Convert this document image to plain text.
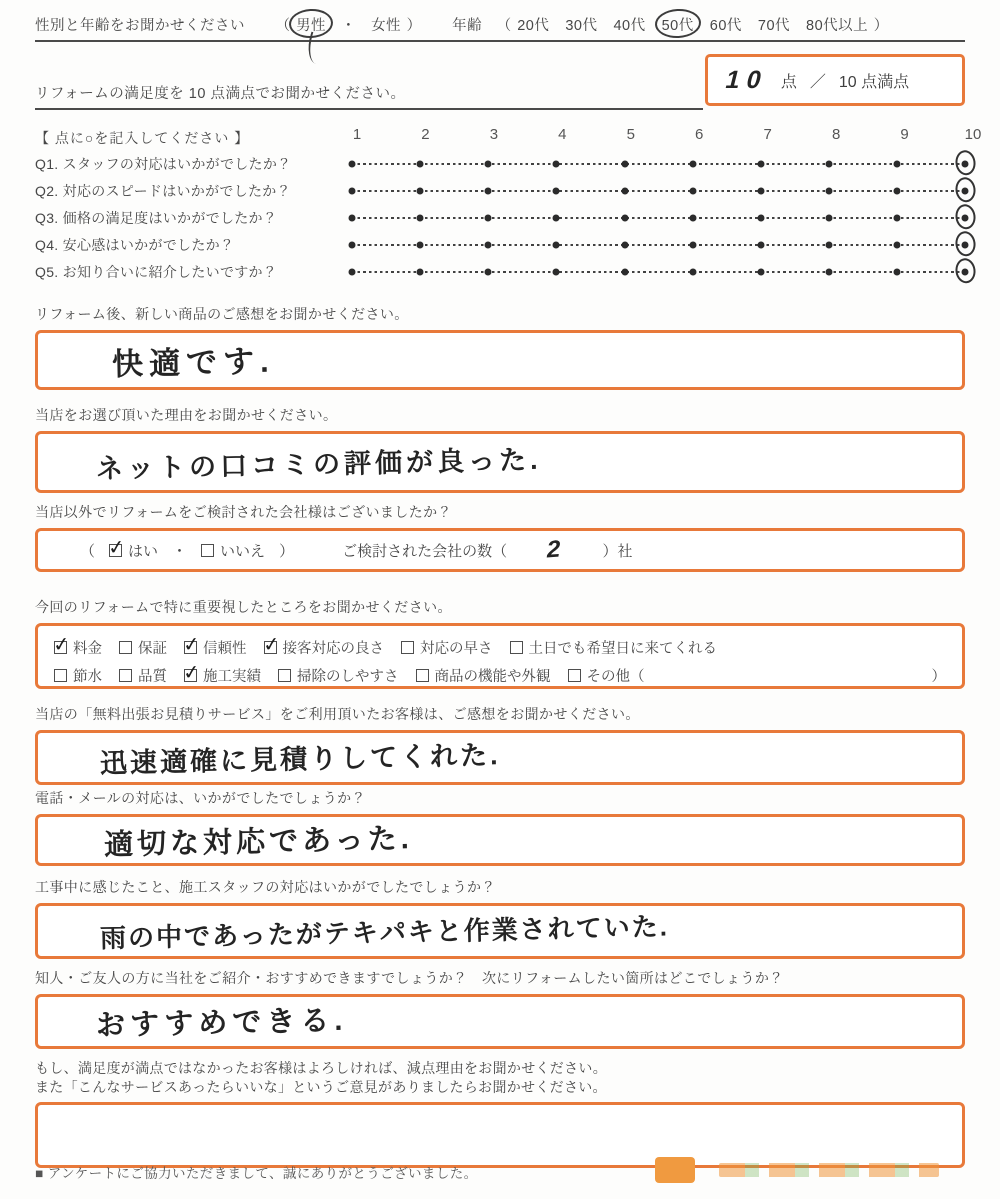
性別と年齢をお聞かせください （ 男性 ・ 女性 ） 年齢 （ 20代 30代 40代 50代 60代 70代 80代以上 ）
リフォームの満足度を 10 点満点でお聞かせください。
10 点 ／ 10 点満点
【 点に○を記入してください 】	1	2	3	4	5	6	7	8	9	10
Q1. スタッフの対応はいかがでしたか？
Q2. 対応のスピードはいかがでしたか？
Q3. 価格の満足度はいかがでしたか？
Q4. 安心感はいかがでしたか？
Q5. お知り合いに紹介したいですか？
リフォーム後、新しい商品のご感想をお聞かせください。
快適です.
当店をお選び頂いた理由をお聞かせください。
ネットの口コミの評価が良った.
当店以外でリフォームをご検討された会社様はございましたか？
（ ✓ はい ・ いいえ ）	ご検討された会社の数（ 2	）社
今回のリフォームで特に重要視したところをお聞かせください。
✓
料金 保証 ✓ 信頼性 ✓ 接客対応の良さ 対応の早さ 土日でも希望日に来てくれる
節水 品質 ✓ 施工実績 掃除のしやすさ 商品の機能や外観 その他（	）
当店の「無料出張お見積りサービス」をご利用頂いたお客様は、ご感想をお聞かせください。
迅速適確に見積りしてくれた.
電話・メールの対応は、いかがでしたでしょうか？
適切な対応であった.
工事中に感じたこと、施工スタッフの対応はいかがでしたでしょうか？
雨の中であったがテキパキと作業されていた.
知人・ご友人の方に当社をご紹介・おすすめできますでしょうか？　次にリフォームしたい箇所はどこでしょうか？
おすすめできる.
もし、満足度が満点ではなかったお客様はよろしければ、減点理由をお聞かせください。
また「こんなサービスあったらいいな」というご意見がありましたらお聞かせください。
■ アンケートにご協力いただきまして、誠にありがとうございました。
